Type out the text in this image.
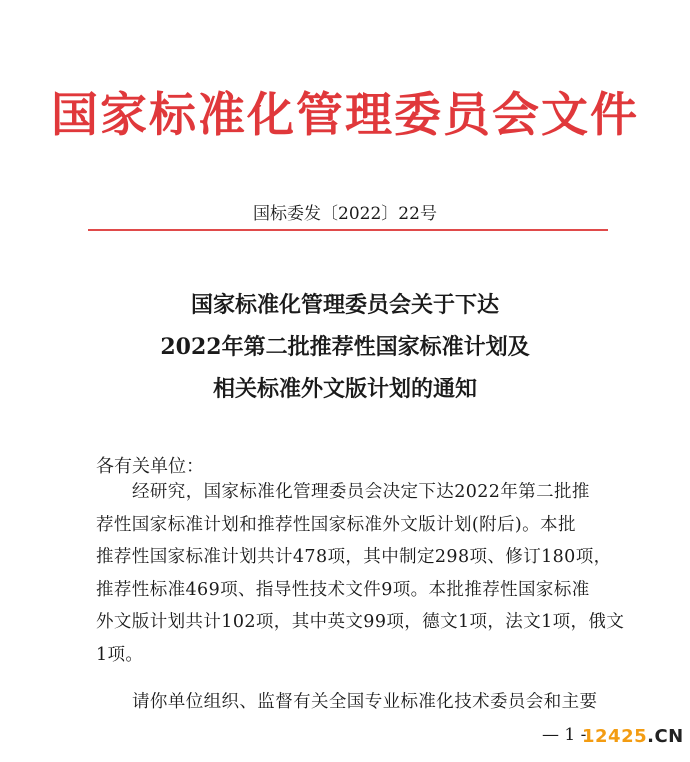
国家标准化管理委员会文件
国标委发〔2022〕22号
国家标准化管理委员会关于下达
2022年第二批推荐性国家标准计划及
相关标准外文版计划的通知
各有关单位：
经研究，国家标准化管理委员会决定下达2022年第二批推
荐性国家标准计划和推荐性国家标准外文版计划(附后)。本批
推荐性国家标准计划共计478项，其中制定298项、修订180项，
推荐性标准469项、指导性技术文件9项。本批推荐性国家标准
外文版计划共计102项，其中英文99项，德文1项，法文1项，俄文
1项。
请你单位组织、监督有关全国专业标准化技术委员会和主要
— 1 -
12425.CN
